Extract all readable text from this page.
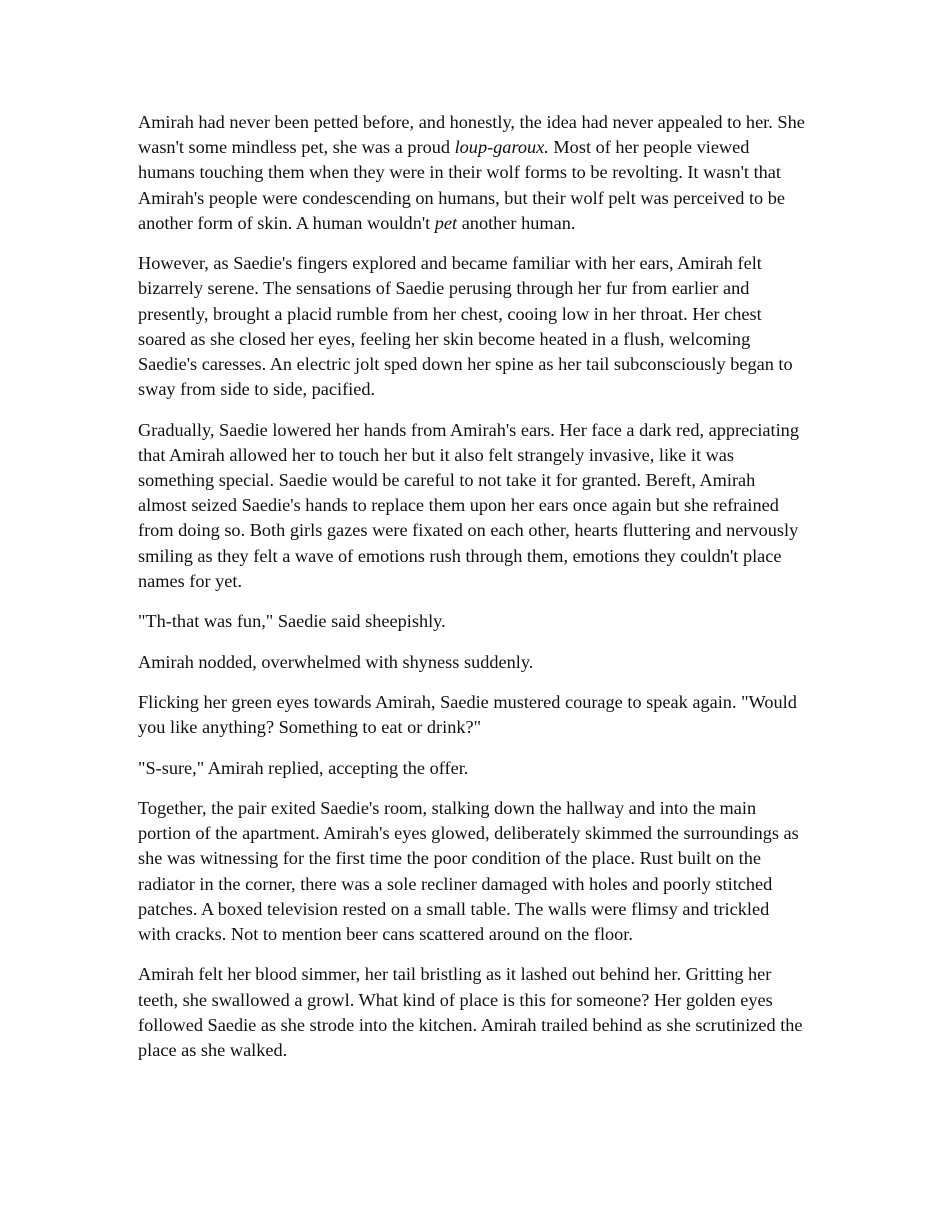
Amirah had never been petted before, and honestly, the idea had never appealed to her. She wasn't some mindless pet, she was a proud loup-garoux. Most of her people viewed humans touching them when they were in their wolf forms to be revolting. It wasn't that Amirah's people were condescending on humans, but their wolf pelt was perceived to be another form of skin. A human wouldn't pet another human.

However, as Saedie's fingers explored and became familiar with her ears, Amirah felt bizarrely serene. The sensations of Saedie perusing through her fur from earlier and presently, brought a placid rumble from her chest, cooing low in her throat. Her chest soared as she closed her eyes, feeling her skin become heated in a flush, welcoming Saedie's caresses. An electric jolt sped down her spine as her tail subconsciously began to sway from side to side, pacified.

Gradually, Saedie lowered her hands from Amirah's ears. Her face a dark red, appreciating that Amirah allowed her to touch her but it also felt strangely invasive, like it was something special. Saedie would be careful to not take it for granted. Bereft, Amirah almost seized Saedie's hands to replace them upon her ears once again but she refrained from doing so. Both girls gazes were fixated on each other, hearts fluttering and nervously smiling as they felt a wave of emotions rush through them, emotions they couldn't place names for yet.

"Th-that was fun," Saedie said sheepishly.

Amirah nodded, overwhelmed with shyness suddenly.

Flicking her green eyes towards Amirah, Saedie mustered courage to speak again. "Would you like anything? Something to eat or drink?"

"S-sure," Amirah replied, accepting the offer.

Together, the pair exited Saedie's room, stalking down the hallway and into the main portion of the apartment. Amirah's eyes glowed, deliberately skimmed the surroundings as she was witnessing for the first time the poor condition of the place. Rust built on the radiator in the corner, there was a sole recliner damaged with holes and poorly stitched patches. A boxed television rested on a small table. The walls were flimsy and trickled with cracks. Not to mention beer cans scattered around on the floor.

Amirah felt her blood simmer, her tail bristling as it lashed out behind her. Gritting her teeth, she swallowed a growl. What kind of place is this for someone? Her golden eyes followed Saedie as she strode into the kitchen. Amirah trailed behind as she scrutinized the place as she walked.
